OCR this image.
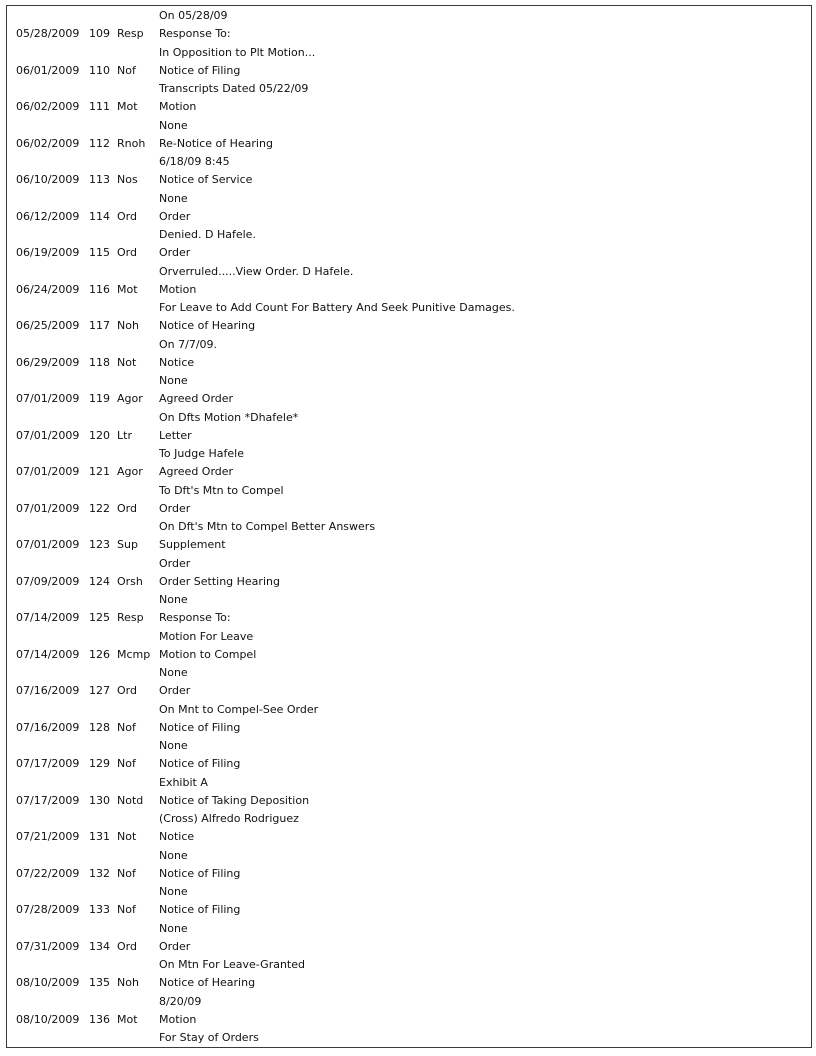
On 05/28/09
05/28/2009 109 Resp	Response To:
In Opposition to Plt Motion...
06/01/2009 110 Nof	Notice of Filing
Transcripts Dated 05/22/09
06/02/2009 111 Mot	Motion
None
06/02/2009 112 Rnoh	Re-Notice of Hearing
6/18/09 8:45
06/10/2009 113 Nos	Notice of Service
None
06/12/2009 114 Ord	Order
Denied. D Hafele.
06/19/2009 115 Ord	Order
Orverruled.....View Order. D Hafele.
06/24/2009 116 Mot	Motion
For Leave to Add Count For Battery And Seek Punitive Damages.
06/25/2009 117 Noh	Notice of Hearing
On 7/7/09.
06/29/2009 118 Not	Notice
None
07/01/2009 119 Agor	Agreed Order
On Dfts Motion *Dhafele*
07/01/2009 120 Ltr	Letter
To Judge Hafele
07/01/2009 121 Agor	Agreed Order
To Dft's Mtn to Compel
07/01/2009 122 Ord	Order
On Dft's Mtn to Compel Better Answers
07/01/2009 123 Sup	Supplement
Order
07/09/2009 124 Orsh	Order Setting Hearing
None
07/14/2009 125 Resp	Response To:
Motion For Leave
07/14/2009 126 Mcmp Motion to Compel
None
07/16/2009 127 Ord	Order
On Mnt to Compel-See Order
07/16/2009 128 Nof	Notice of Filing
None
07/17/2009 129 Nof	Notice of Filing
Exhibit A
07/17/2009 130 Notd	Notice of Taking Deposition
(Cross) Alfredo Rodriguez
07/21/2009 131 Not	Notice
None
07/22/2009 132 Nof	Notice of Filing
None
07/28/2009 133 Nof	Notice of Filing
None
07/31/2009 134 Ord	Order
On Mtn For Leave-Granted
08/10/2009 135 Noh	Notice of Hearing
8/20/09
08/10/2009 136 Mot	Motion
For Stay of Orders
